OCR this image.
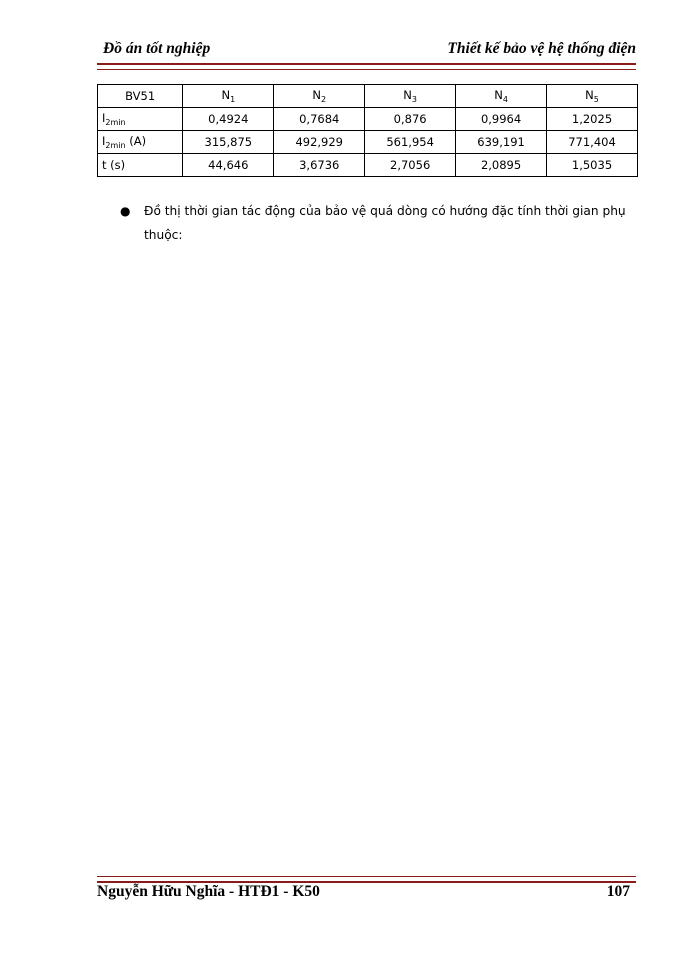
Đồ án tốt nghiệp	Thiết kế bảo vệ hệ thống điện
BV51	$N_1$	$N_2$	$N_3$	$N_4$	$N_5$
$I_{2min}$	0,4924	0,7684	0,876	0,9964	1,2025
$I_{2min}$ (A)	315,875	492,929	561,954	639,191	771,404
t (s)	44,646	3,6736	2,7056	2,0895	1,5035
● Đồ thị thời gian tác động của bảo vệ quá dòng có hướng đặc tính thời gian phụ thuộc:
Nguyễn Hữu Nghĩa - HTĐ1 - K50	107
